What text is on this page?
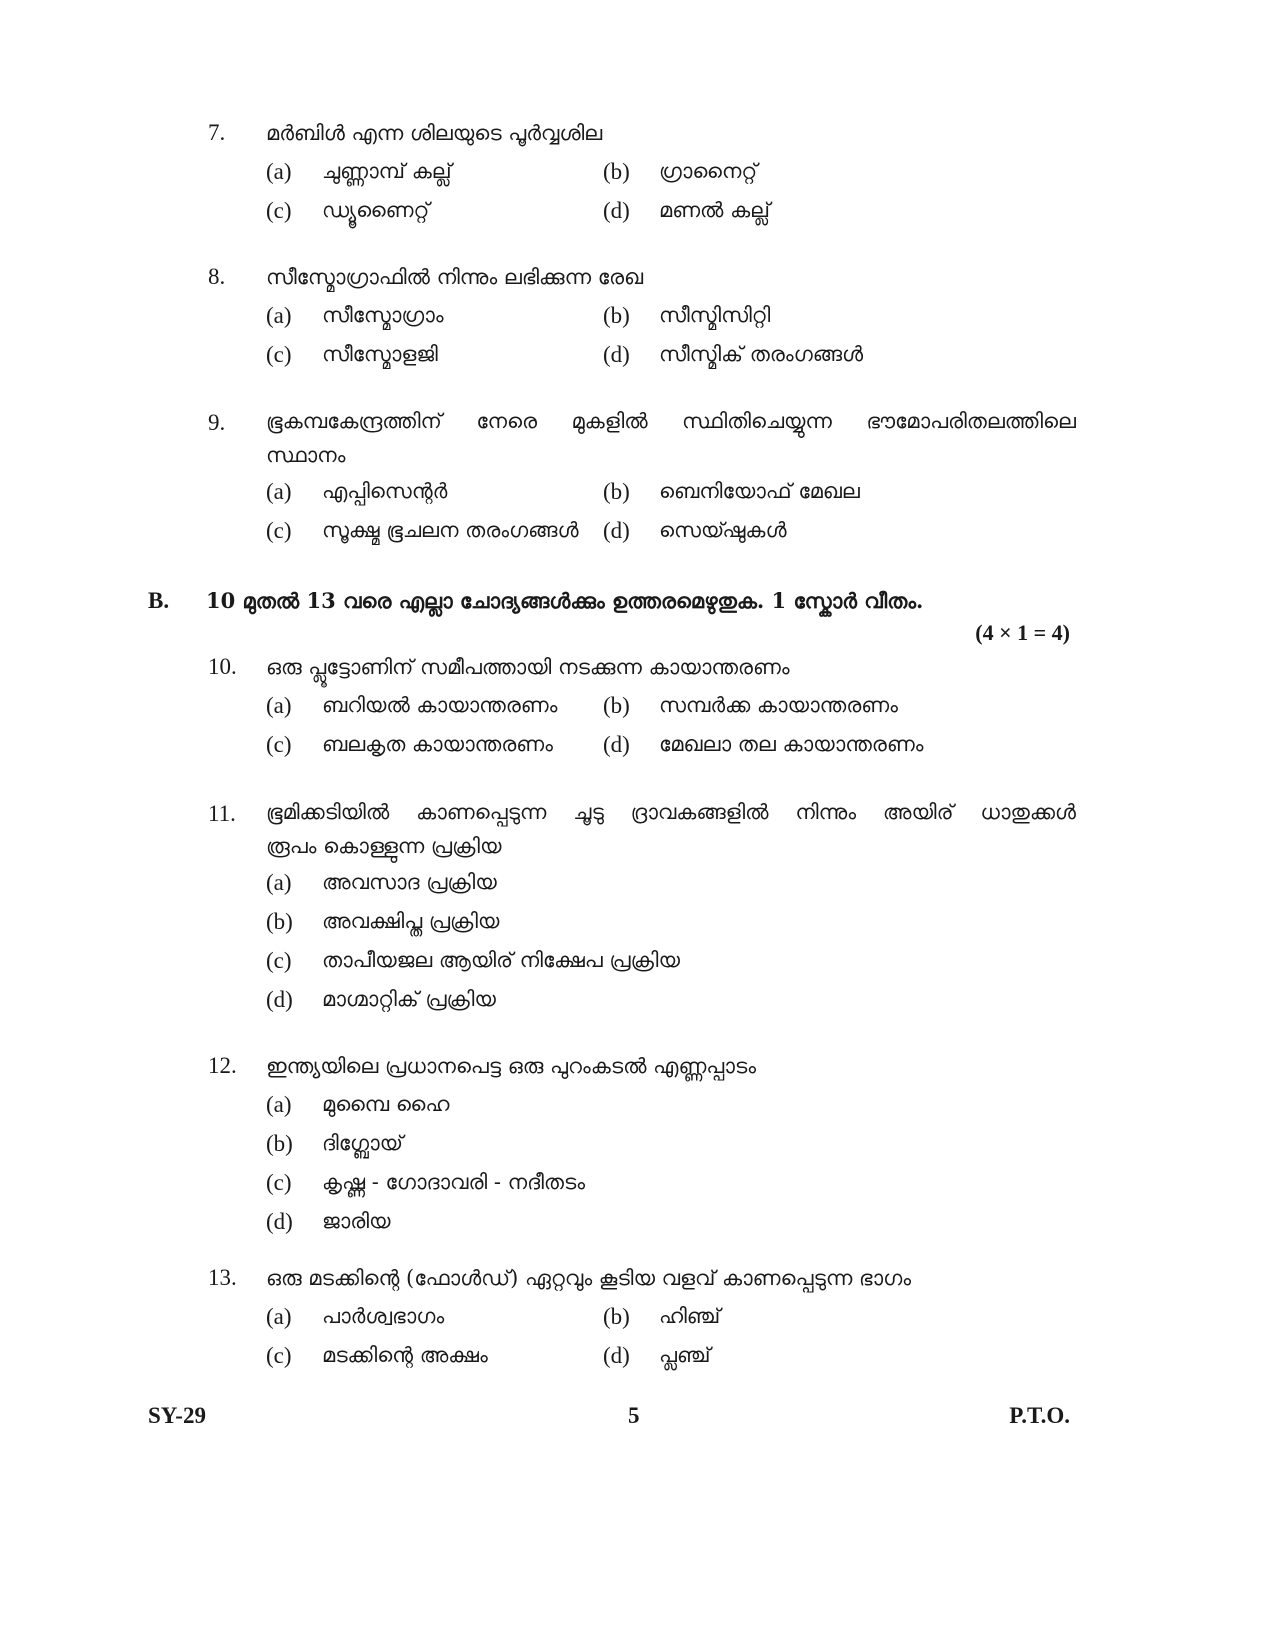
7. മർബിൾ എന്ന ശിലയുടെ പൂർവ്വശില
(a) ചുണ്ണാമ്പ് കല്ല്	(b) ഗ്രാനൈറ്റ്
(c) ഡ്യൂണൈറ്റ്	(d) മണൽ കല്ല്
8. സീസ്മോഗ്രാഫിൽ നിന്നും ലഭിക്കുന്ന രേഖ
(a) സീസ്മോഗ്രാം	(b) സീസ്മിസിറ്റി
(c) സീസ്മോളജി	(d) സീസ്മിക് തരംഗങ്ങൾ
9. ഭൂകമ്പകേന്ദ്രത്തിന് നേരെ മുകളിൽ സ്ഥിതിചെയ്യുന്ന ഭൗമോപരിതലത്തിലെ
സ്ഥാനം
(a) എപ്പിസെന്റർ	(b) ബെനിയോഫ് മേഖല
(c) സൂക്ഷ്മ ഭൂചലന തരംഗങ്ങൾ (d) സെയ്ഷുകൾ
B. 10 മുതൽ 13 വരെ എല്ലാ ചോദ്യങ്ങൾക്കും ഉത്തരമെഴുതുക. 1 സ്കോർ വീതം.
(4 × 1 = 4)
10. ഒരു പ്ലൂട്ടോണിന് സമീപത്തായി നടക്കുന്ന കായാന്തരണം
(a) ബറിയൽ കായാന്തരണം (b) സമ്പർക്ക കായാന്തരണം
(c) ബലകൃത കായാന്തരണം (d) മേഖലാ തല കായാന്തരണം
11. ഭൂമിക്കടിയിൽ കാണപ്പെടുന്ന ചൂടു ദ്രാവകങ്ങളിൽ നിന്നും അയിര് ധാതുക്കൾ
രൂപം കൊള്ളുന്ന പ്രക്രിയ
(a) അവസാദ പ്രക്രിയ
(b) അവക്ഷിപ്ത പ്രക്രിയ
(c) താപീയജല ആയിര് നിക്ഷേപ പ്രക്രിയ
(d) മാഗ്മാറ്റിക് പ്രക്രിയ
12. ഇന്ത്യയിലെ പ്രധാനപെട്ട ഒരു പുറംകടൽ എണ്ണപ്പാടം
(a) മുമ്പൈ ഹൈ
(b) ദിഗ്ബോയ്
(c) കൃഷ്ണ - ഗോദാവരി - നദീതടം
(d) ജാരിയ
13. ഒരു മടക്കിന്റെ (ഫോൾഡ്) ഏറ്റവും കൂടിയ വളവ് കാണപ്പെടുന്ന ഭാഗം
(a) പാർശ്വഭാഗം	(b) ഹിഞ്ച്
(c) മടക്കിന്റെ അക്ഷം	(d) പ്ലഞ്ച്
SY-29	5	P.T.O.
